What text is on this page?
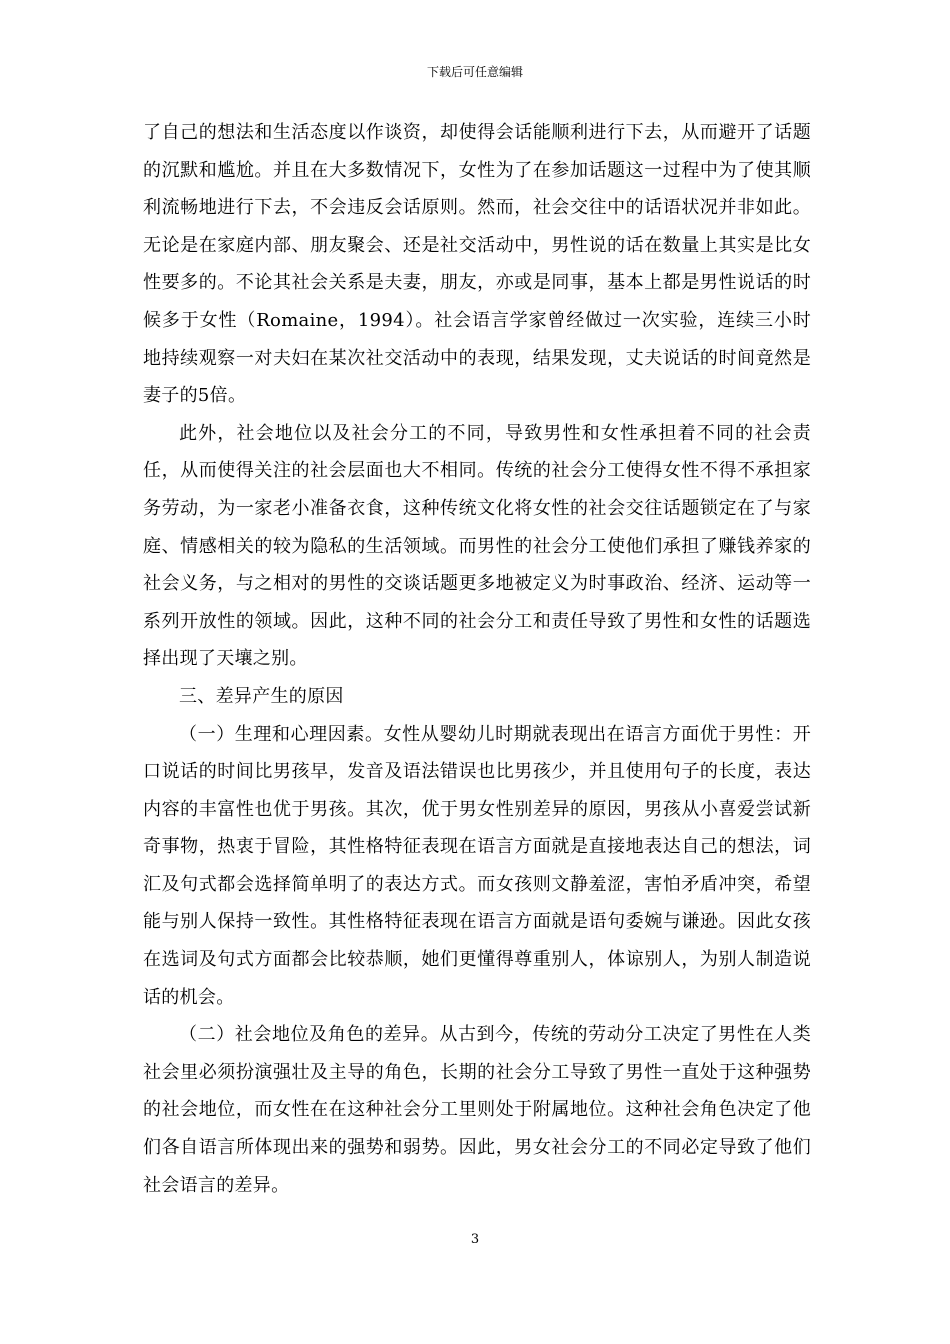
下载后可任意编辑

了自己的想法和生活态度以作谈资，却使得会话能顺利进行下去，从而避开了话题的沉默和尴尬。并且在大多数情况下，女性为了在参加话题这一过程中为了使其顺利流畅地进行下去，不会违反会话原则。然而，社会交往中的话语状况并非如此。无论是在家庭内部、朋友聚会、还是社交活动中，男性说的话在数量上其实是比女性要多的。不论其社会关系是夫妻，朋友，亦或是同事，基本上都是男性说话的时候多于女性（Romaine，1994）。社会语言学家曾经做过一次实验，连续三小时地持续观察一对夫妇在某次社交活动中的表现，结果发现，丈夫说话的时间竟然是妻子的5倍。

此外，社会地位以及社会分工的不同，导致男性和女性承担着不同的社会责任，从而使得关注的社会层面也大不相同。传统的社会分工使得女性不得不承担家务劳动，为一家老小准备衣食，这种传统文化将女性的社会交往话题锁定在了与家庭、情感相关的较为隐私的生活领域。而男性的社会分工使他们承担了赚钱养家的社会义务，与之相对的男性的交谈话题更多地被定义为时事政治、经济、运动等一系列开放性的领域。因此，这种不同的社会分工和责任导致了男性和女性的话题选择出现了天壤之别。

三、差异产生的原因

（一）生理和心理因素。女性从婴幼儿时期就表现出在语言方面优于男性：开口说话的时间比男孩早，发音及语法错误也比男孩少，并且使用句子的长度，表达内容的丰富性也优于男孩。其次，优于男女性别差异的原因，男孩从小喜爱尝试新奇事物，热衷于冒险，其性格特征表现在语言方面就是直接地表达自己的想法，词汇及句式都会选择简单明了的表达方式。而女孩则文静羞涩，害怕矛盾冲突，希望能与别人保持一致性。其性格特征表现在语言方面就是语句委婉与谦逊。因此女孩在选词及句式方面都会比较恭顺，她们更懂得尊重别人，体谅别人，为别人制造说话的机会。

（二）社会地位及角色的差异。从古到今，传统的劳动分工决定了男性在人类社会里必须扮演强壮及主导的角色，长期的社会分工导致了男性一直处于这种强势的社会地位，而女性在在这种社会分工里则处于附属地位。这种社会角色决定了他们各自语言所体现出来的强势和弱势。因此，男女社会分工的不同必定导致了他们社会语言的差异。

3
